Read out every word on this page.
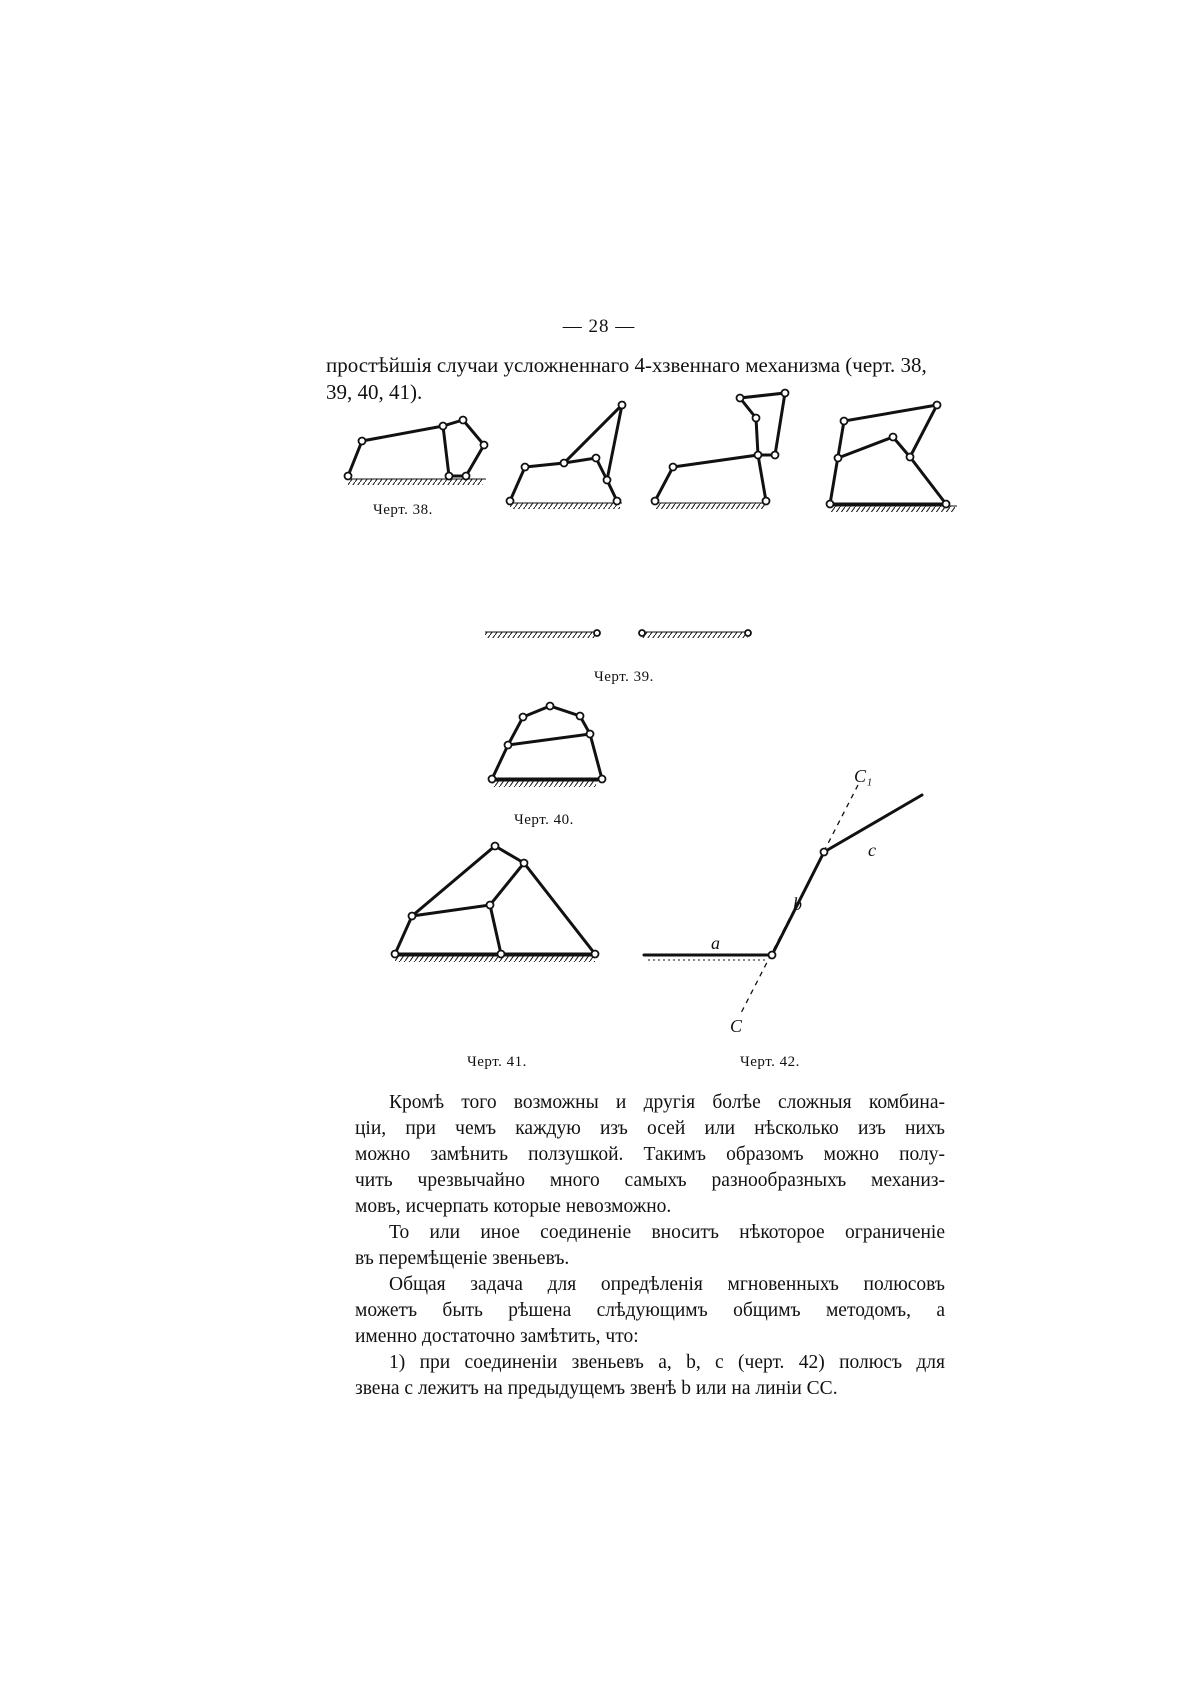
— 28 —
простѣйшія случаи усложненнаго 4-хзвеннаго механизма (черт. 38,
39, 40, 41).
Черт. 38.
Черт. 39.
Черт. 40.
C₁
c
b
a
C
Черт. 41.	Черт. 42.
Кромѣ того возможны и другія болѣе сложныя комбина-
ціи, при чемъ каждую изъ осей или нѣсколько изъ нихъ
можно замѣнить ползушкой. Такимъ образомъ можно полу-
чить чрезвычайно много самыхъ разнообразныхъ механиз-
мовъ, исчерпать которые невозможно.
То или иное соединеніе вноситъ нѣкоторое ограниченіе
въ перемѣщеніе звеньевъ.
Общая задача для опредѣленія мгновенныхъ полюсовъ
можетъ быть рѣшена слѣдующимъ общимъ методомъ, а
именно достаточно замѣтить, что:
1) при соединеніи звеньевъ a, b, c (черт. 42) полюсъ для
звена c лежитъ на предыдущемъ звенѣ b или на линіи CC.
